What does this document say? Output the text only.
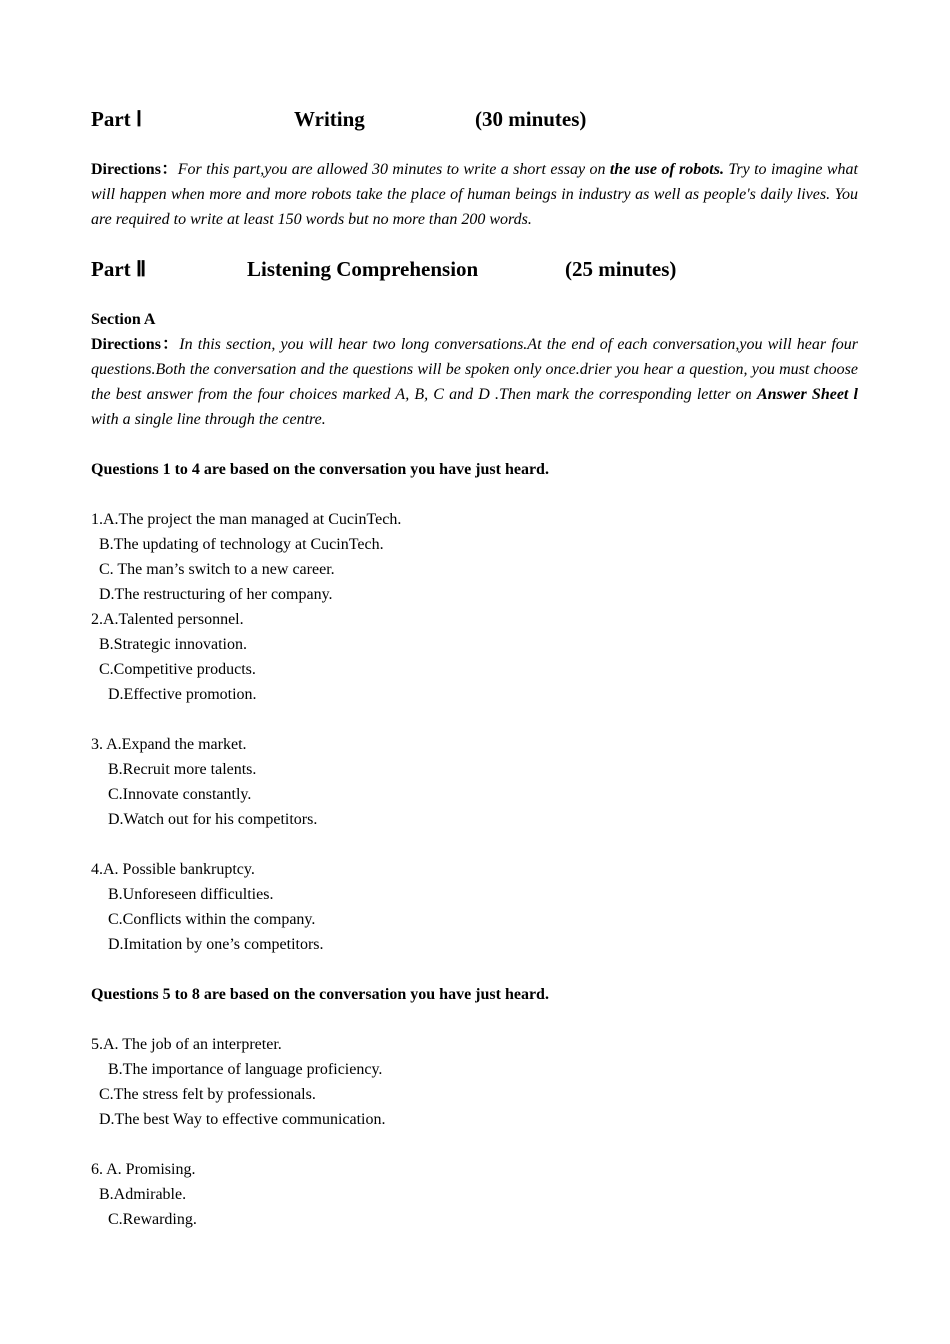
Part Ⅰ

	Writing

	(30 minutes)

Directions：For this part,you are allowed 30 minutes to write a short essay on the use of robots. Try to imagine what will happen when more and more robots take the place of human beings in industry as well as people's daily lives. You are required to write at least 150 words but no more than 200 words.

Part Ⅱ

	Listening Comprehension

	(25 minutes)

Section A
Directions：In this section, you will hear two long conversations.At the end of each conversation,you will hear four questions.Both the conversation and the questions will be spoken only once.drier you hear a question, you must choose the best answer from the four choices marked A, B, C and D .Then mark the corresponding letter on Answer Sheet l with a single line through the centre.
Questions 1 to 4 are based on the conversation you have just heard.
1.A.The project the man managed at CucinTech.
B.The updating of technology at CucinTech.
C. The man’s switch to a new career.
D.The restructuring of her company.
2.A.Talented personnel.
B.Strategic innovation.
C.Competitive products.
D.Effective promotion.
3. A.Expand the market.
B.Recruit more talents.
C.Innovate constantly.
D.Watch out for his competitors.
4.A. Possible bankruptcy.
B.Unforeseen difficulties.
C.Conflicts within the company.
D.Imitation by one’s competitors.
Questions 5 to 8 are based on the conversation you have just heard.
5.A. The job of an interpreter.
B.The importance of language proficiency.
C.The stress felt by professionals.
D.The best Way to effective communication.
6. A. Promising.
B.Admirable.
C.Rewarding.
